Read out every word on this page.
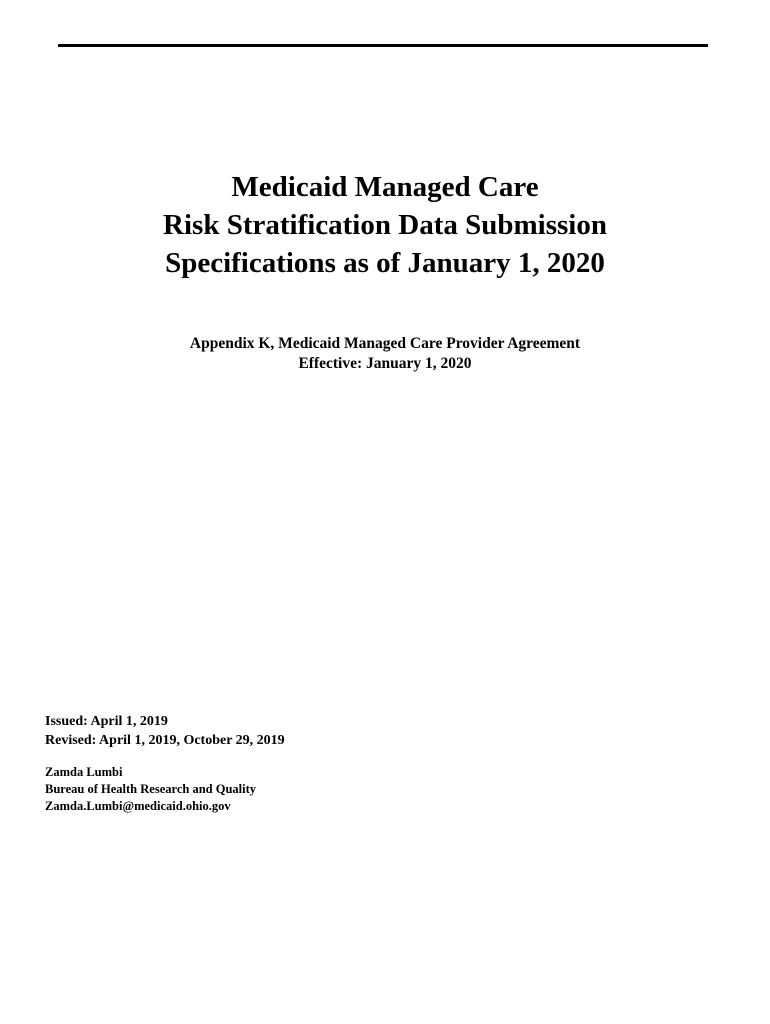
Medicaid Managed Care
Risk Stratification Data Submission
Specifications as of January 1, 2020
Appendix K, Medicaid Managed Care Provider Agreement
Effective: January 1, 2020
Issued: April 1, 2019
Revised: April 1, 2019, October 29, 2019
Zamda Lumbi
Bureau of Health Research and Quality
Zamda.Lumbi@medicaid.ohio.gov
